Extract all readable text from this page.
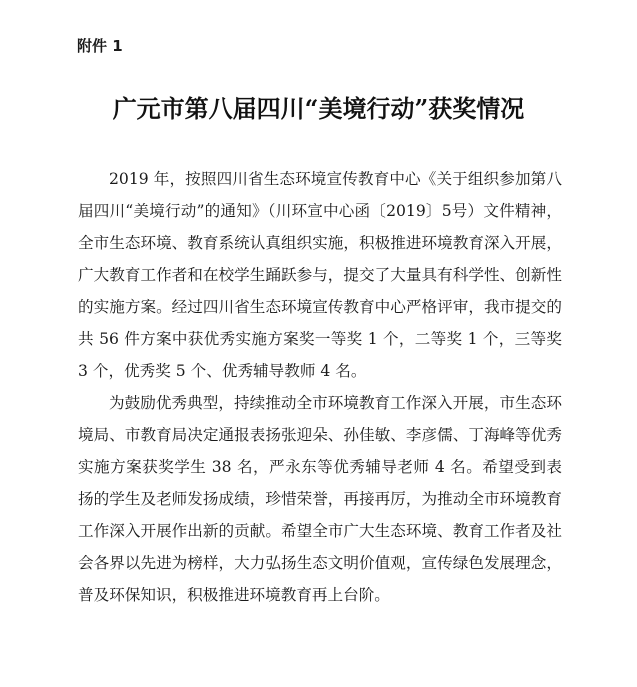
附件 1
广元市第八届四川“美境行动”获奖情况

2019 年，按照四川省生态环境宣传教育中心《关于组织参加第八届四川“美境行动”的通知》（川环宣中心函〔2019〕5号）文件精神，全市生态环境、教育系统认真组织实施，积极推进环境教育深入开展，广大教育工作者和在校学生踊跃参与，提交了大量具有科学性、创新性的实施方案。经过四川省生态环境宣传教育中心严格评审，我市提交的共 56 件方案中获优秀实施方案奖一等奖 1 个，二等奖 1 个，三等奖 3 个，优秀奖 5 个、优秀辅导教师 4 名。

为鼓励优秀典型，持续推动全市环境教育工作深入开展，市生态环境局、市教育局决定通报表扬张迎朵、孙佳敏、李彦儒、丁海峰等优秀实施方案获奖学生 38 名，严永东等优秀辅导老师 4 名。希望受到表扬的学生及老师发扬成绩，珍惜荣誉，再接再厉，为推动全市环境教育工作深入开展作出新的贡献。希望全市广大生态环境、教育工作者及社会各界以先进为榜样，大力弘扬生态文明价值观，宣传绿色发展理念，普及环保知识，积极推进环境教育再上台阶。
